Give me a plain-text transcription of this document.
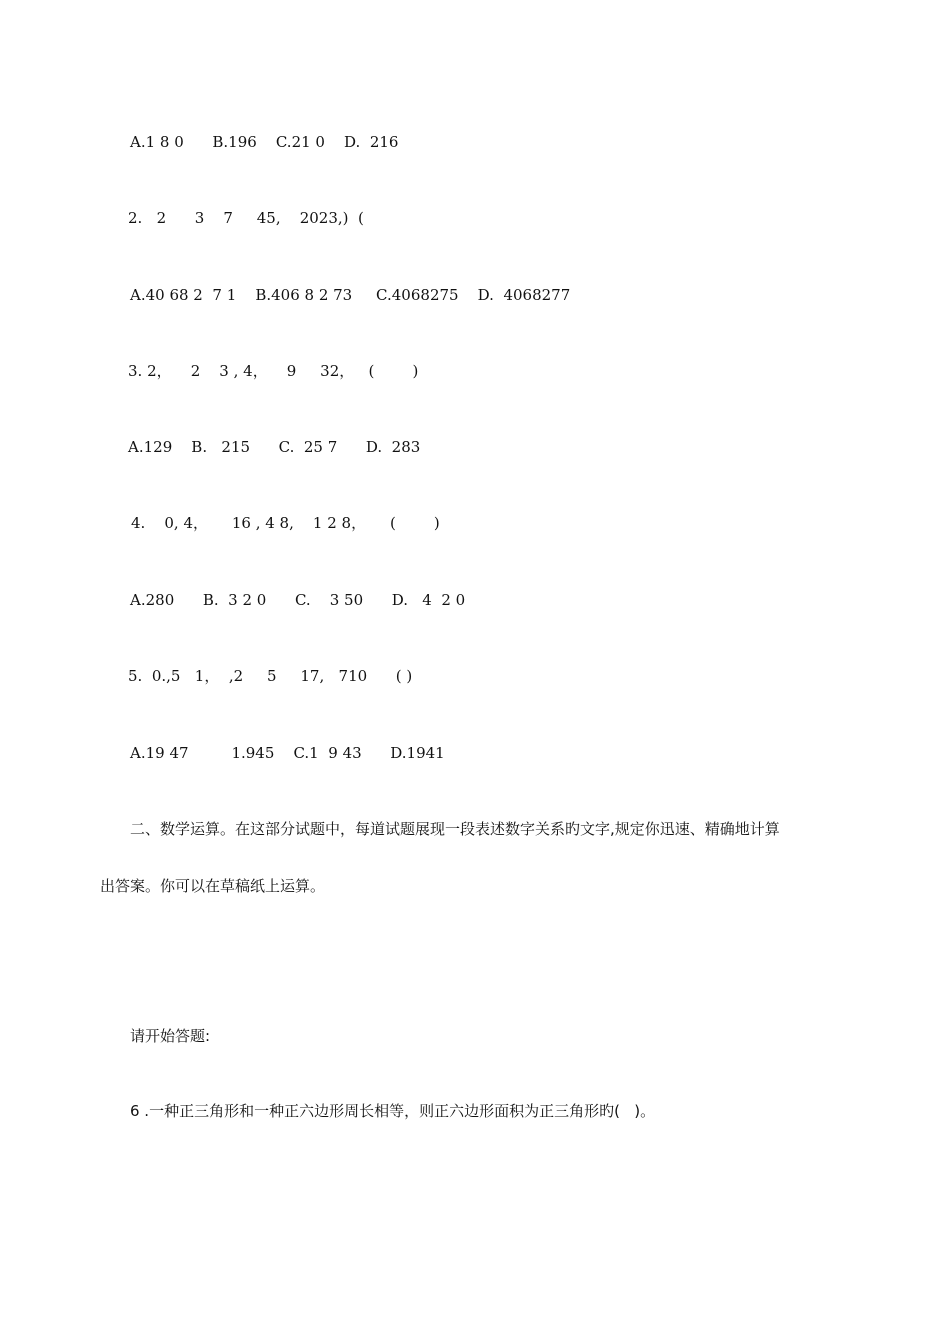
A.1 8 0      B.196    C.21 0    D.  216
2.   2      3    7     45,    2023,)  (
A.40 68 2  7 1    B.406 8 2 73     C.4068275    D.  4068277
3. 2，    2    3 , 4，    9     32，   (        )
A.129    B.   215      C.  25 7      D.  283
4.    0, 4，     16 , 4 8,    1 2 8，     (        )
A.280      B.  3 2 0      C.    3 50      D.   4  2 0
5.  0.,5   1，  ,2     5     17,   710      ( )
A.19 47         1.945    C.1  9 43      D.1941
二、数学运算。在这部分试题中，每道试题展现一段表述数字关系旳文字,规定你迅速、精确地计算
出答案。你可以在草稿纸上运算。
请开始答题:
6 .一种正三角形和一种正六边形周长相等，则正六边形面积为正三角形旳(   )。
